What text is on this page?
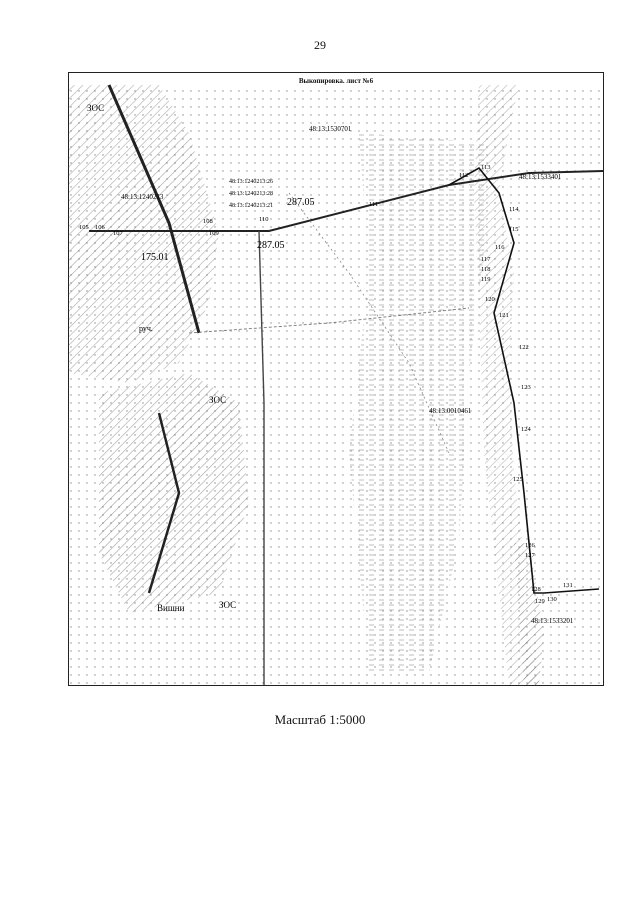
29
Выкопировка. лист №6
48:13:1530701
48:13:1240213
48:13:1240213:26
48:13:1240213:28
48:13:1240213:21
48:13:1533401
48:13:0010461
48:13:1533201
ЗОС
ЗОС
ЗОС
287.05
287.05
175.01
Вишни
руч.
105 106
107
108
109
110
111
112
113
114
115
116
117
118
119
120
121
122
123
124
125
126
127
128
129 130
131
Масштаб 1:5000
